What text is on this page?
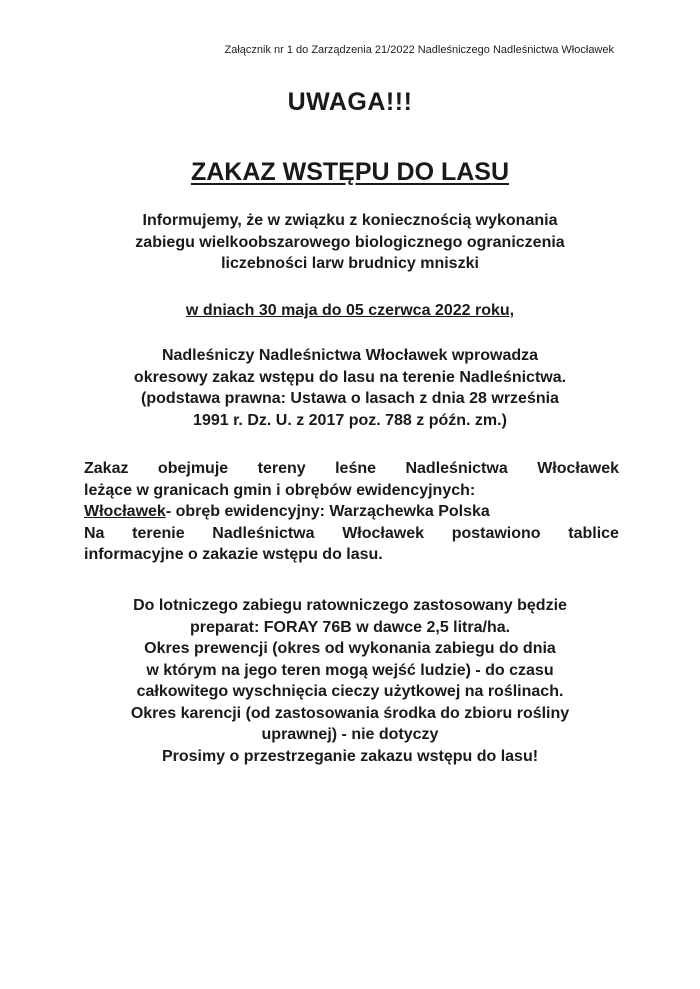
Załącznik nr 1 do Zarządzenia 21/2022 Nadleśniczego Nadleśnictwa Włocławek
UWAGA!!!
ZAKAZ WSTĘPU DO LASU
Informujemy, że w związku z koniecznością wykonania
zabiegu wielkoobszarowego biologicznego ograniczenia
liczebności larw brudnicy mniszki
w dniach 30 maja do 05 czerwca 2022 roku,
Nadleśniczy Nadleśnictwa Włocławek wprowadza
okresowy zakaz wstępu do lasu na terenie Nadleśnictwa.
(podstawa prawna: Ustawa o lasach z dnia 28 września
1991 r. Dz. U. z 2017 poz. 788 z późn. zm.)
Zakaz obejmuje tereny leśne Nadleśnictwa Włocławek
leżące w granicach gmin i obrębów ewidencyjnych:
Włocławek- obręb ewidencyjny: Warząchewka Polska
Na terenie Nadleśnictwa Włocławek postawiono tablice
informacyjne o zakazie wstępu do lasu.
Do lotniczego zabiegu ratowniczego zastosowany będzie
preparat: FORAY 76B w dawce 2,5 litra/ha.
Okres prewencji (okres od wykonania zabiegu do dnia
w którym na jego teren mogą wejść ludzie) - do czasu
całkowitego wyschnięcia cieczy użytkowej na roślinach.
Okres karencji (od zastosowania środka do zbioru rośliny
uprawnej) - nie dotyczy
Prosimy o przestrzeganie zakazu wstępu do lasu!
